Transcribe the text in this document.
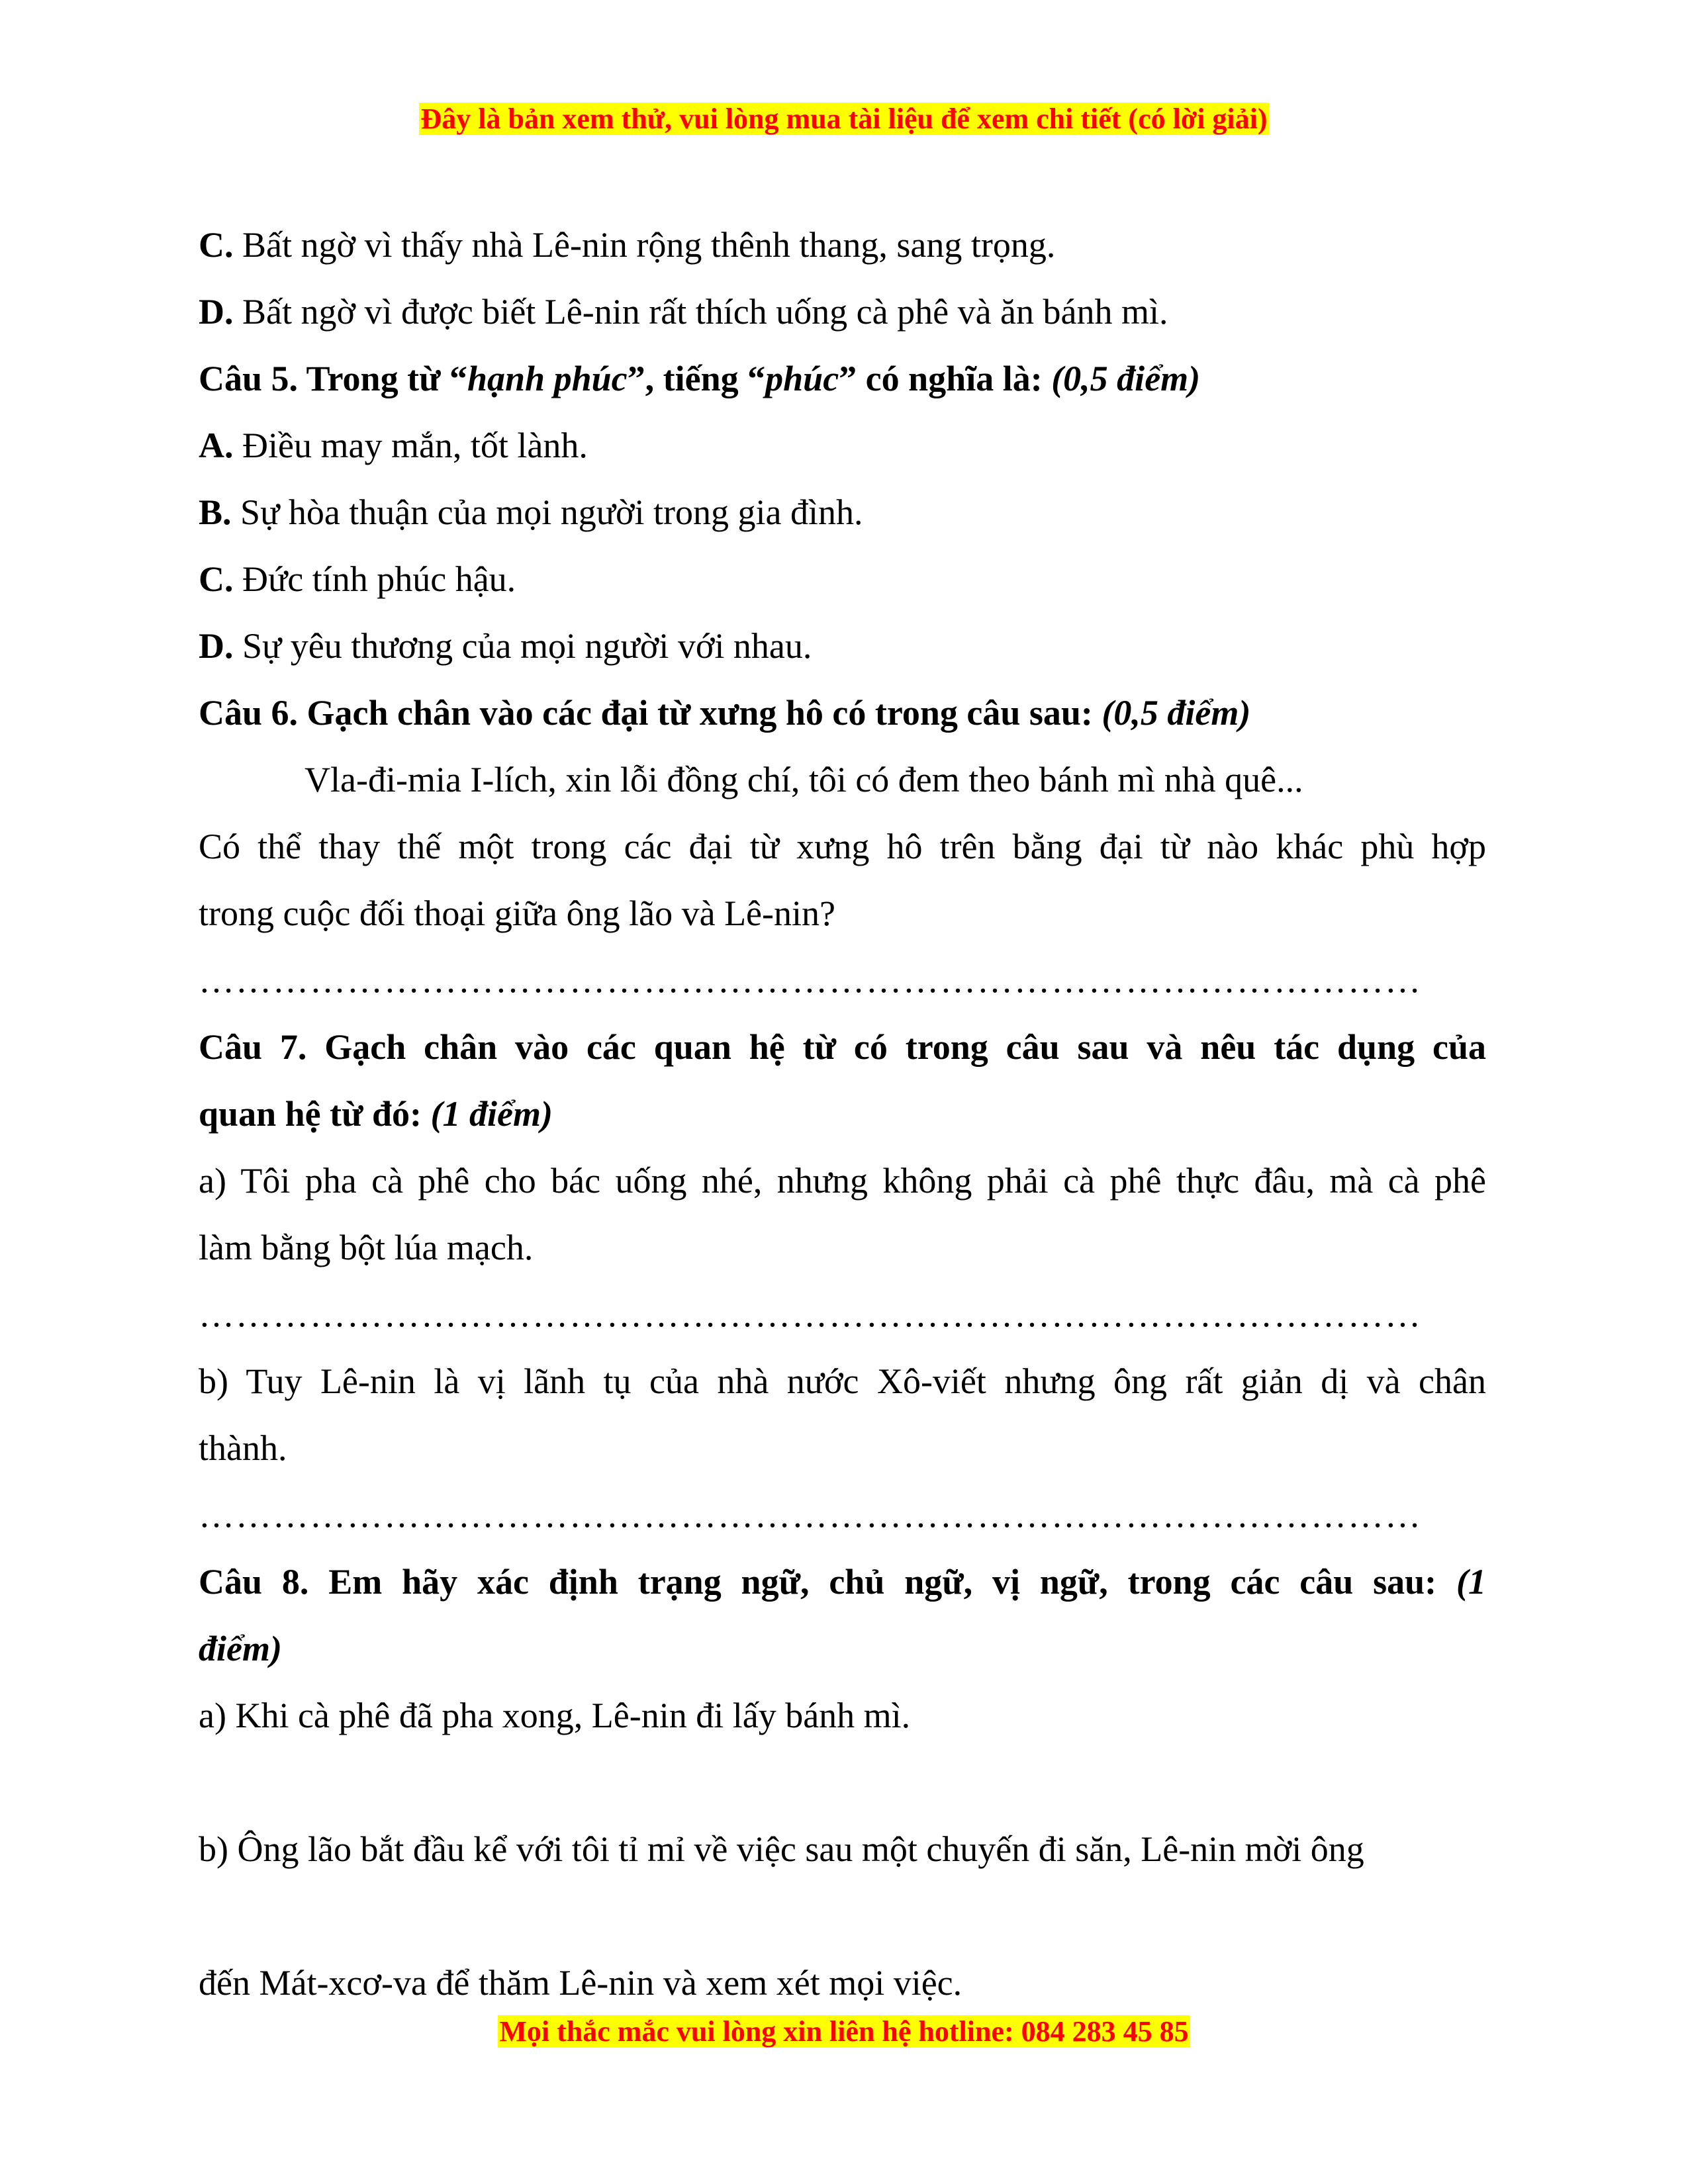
Đây là bản xem thử, vui lòng mua tài liệu để xem chi tiết (có lời giải)
C. Bất ngờ vì thấy nhà Lê-nin rộng thênh thang, sang trọng.
D. Bất ngờ vì được biết Lê-nin rất thích uống cà phê và ăn bánh mì.
Câu 5. Trong từ “hạnh phúc”, tiếng “phúc” có nghĩa là: (0,5 điểm)
A. Điều may mắn, tốt lành.
B. Sự hòa thuận của mọi người trong gia đình.
C. Đức tính phúc hậu.
D. Sự yêu thương của mọi người với nhau.
Câu 6. Gạch chân vào các đại từ xưng hô có trong câu sau: (0,5 điểm)
Vla-đi-mia I-lích, xin lỗi đồng chí, tôi có đem theo bánh mì nhà quê...
Có thể thay thế một trong các đại từ xưng hô trên bằng đại từ nào khác phù hợp
trong cuộc đối thoại giữa ông lão và Lê-nin?
………………………………………………………………………………………
Câu 7. Gạch chân vào các quan hệ từ có trong câu sau và nêu tác dụng của
quan hệ từ đó: (1 điểm)
a) Tôi pha cà phê cho bác uống nhé, nhưng không phải cà phê thực đâu, mà cà phê
làm bằng bột lúa mạch.
………………………………………………………………………………………
b) Tuy Lê-nin là vị lãnh tụ của nhà nước Xô-viết nhưng ông rất giản dị và chân
thành.
………………………………………………………………………………………
Câu 8. Em hãy xác định trạng ngữ, chủ ngữ, vị ngữ, trong các câu sau: (1
điểm)
a) Khi cà phê đã pha xong, Lê-nin đi lấy bánh mì.
b) Ông lão bắt đầu kể với tôi tỉ mỉ về việc sau một chuyến đi săn, Lê-nin mời ông
đến Mát-xcơ-va để thăm Lê-nin và xem xét mọi việc.
Mọi thắc mắc vui lòng xin liên hệ hotline: 084 283 45 85
